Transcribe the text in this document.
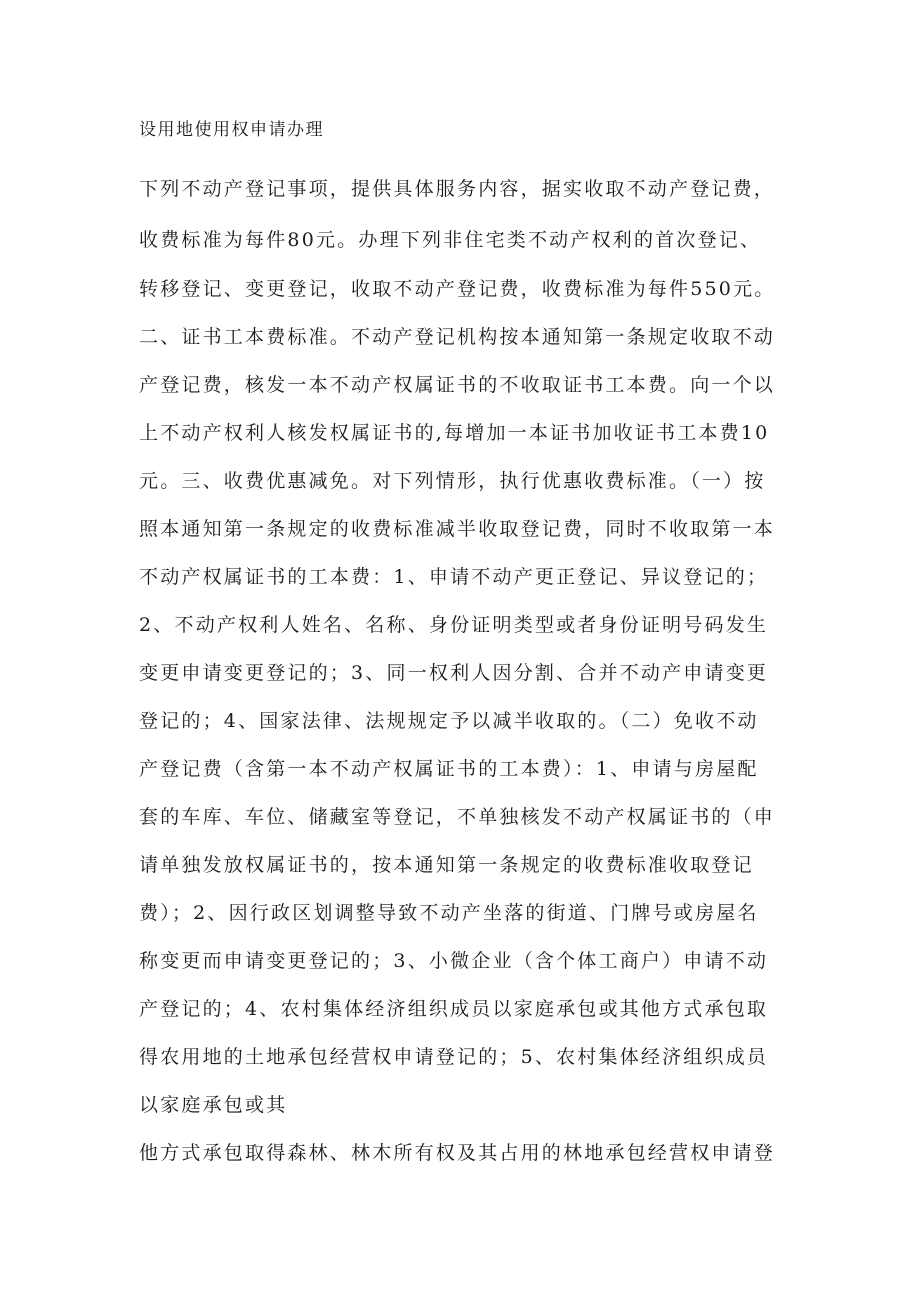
设用地使用权申请办理

下列不动产登记事项，提供具体服务内容，据实收取不动产登记费，

收费标准为每件80元。办理下列非住宅类不动产权利的首次登记、

转移登记、变更登记，收取不动产登记费，收费标准为每件550元。

二、证书工本费标准。不动产登记机构按本通知第一条规定收取不动

产登记费，核发一本不动产权属证书的不收取证书工本费。向一个以

上不动产权利人核发权属证书的,每增加一本证书加收证书工本费10

元。三、收费优惠减免。对下列情形，执行优惠收费标准。（一）按

照本通知第一条规定的收费标准减半收取登记费，同时不收取第一本

不动产权属证书的工本费：1、申请不动产更正登记、异议登记的；

2、不动产权利人姓名、名称、身份证明类型或者身份证明号码发生

变更申请变更登记的；3、同一权利人因分割、合并不动产申请变更

登记的；4、国家法律、法规规定予以减半收取的。（二）免收不动

产登记费（含第一本不动产权属证书的工本费）：1、申请与房屋配

套的车库、车位、储藏室等登记，不单独核发不动产权属证书的（申

请单独发放权属证书的，按本通知第一条规定的收费标准收取登记

费）；2、因行政区划调整导致不动产坐落的街道、门牌号或房屋名

称变更而申请变更登记的；3、小微企业（含个体工商户）申请不动

产登记的；4、农村集体经济组织成员以家庭承包或其他方式承包取

得农用地的土地承包经营权申请登记的；5、农村集体经济组织成员

以家庭承包或其

他方式承包取得森林、林木所有权及其占用的林地承包经营权申请登
